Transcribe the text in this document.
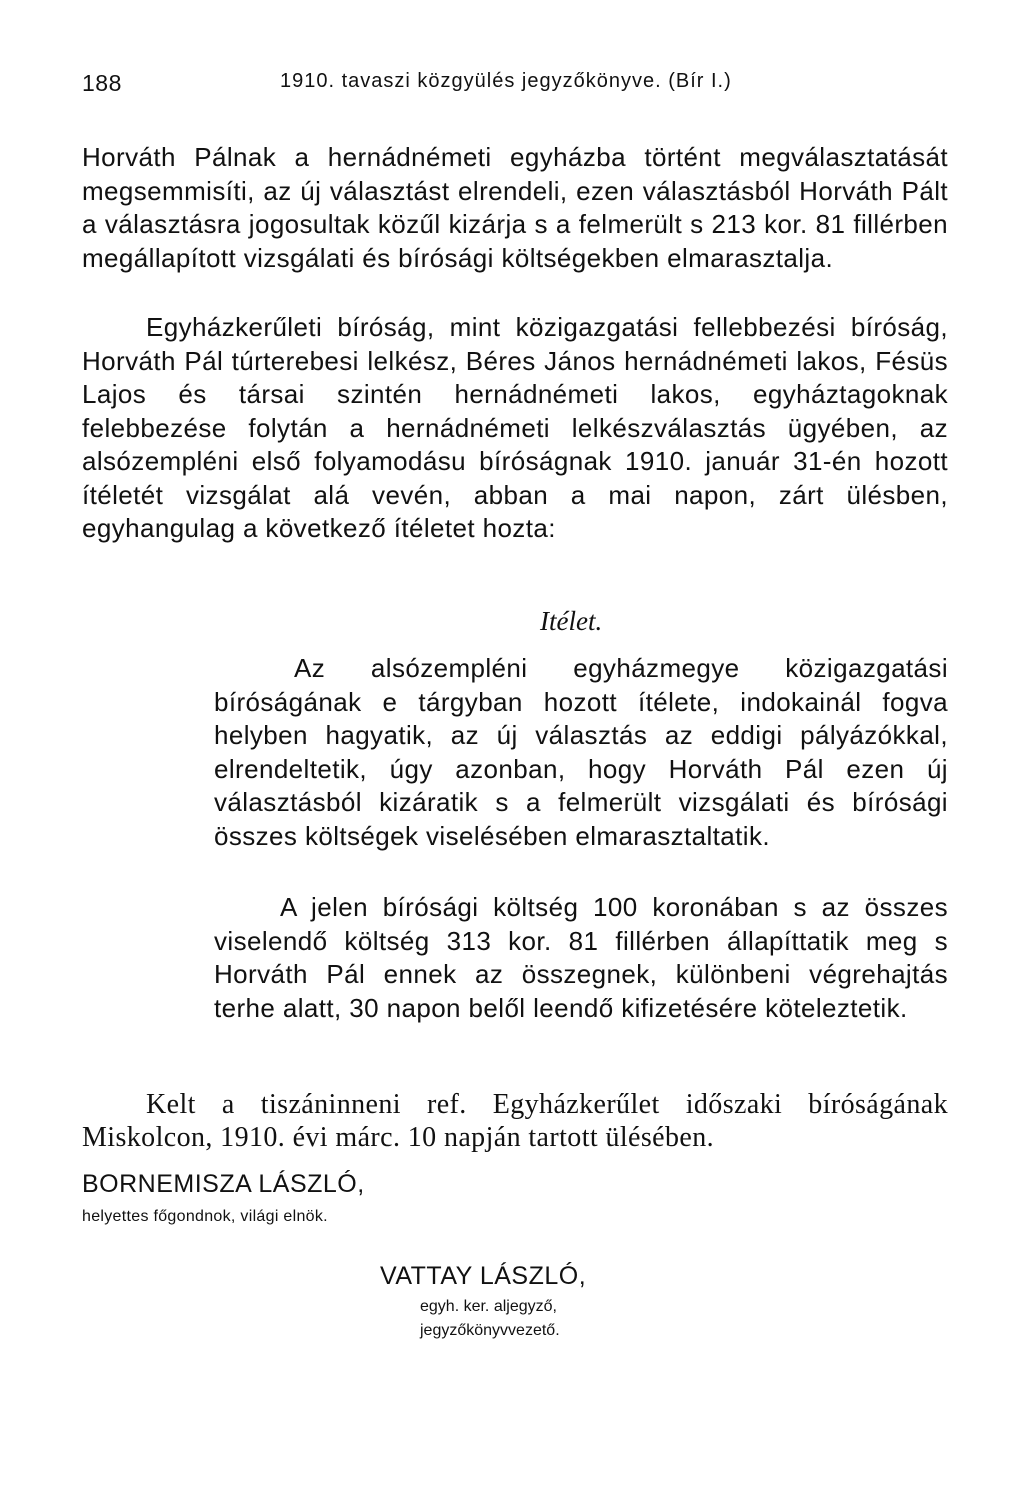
188	1910. tavaszi közgyülés jegyzőkönyve. (Bír I.)

Horváth Pálnak a hernádnémeti egyházba történt megválasztatását megsemmisíti, az új választást elrendeli, ezen választásból Horváth Pált a választásra jogosultak közűl kizárja s a felmerült s 213 kor. 81 fillérben megállapított vizsgálati és bírósági költségekben elmarasztalja.

Egyházkerűleti bíróság, mint közigazgatási fellebbezési bíróság, Horváth Pál túrterebesi lelkész, Béres János hernádnémeti lakos, Fésüs Lajos és társai szintén hernádnémeti lakos, egyháztagoknak felebbezése folytán a hernádnémeti lelkészválasztás ügyében, az alsózempléni első folyamodásu bíróságnak 1910. január 31-én hozott ítéletét vizsgálat alá vevén, abban a mai napon, zárt ülésben, egyhangulag a következő ítéletet hozta:

Itélet.

Az alsózempléni egyházmegye közigazgatási bíróságának e tárgyban hozott ítélete, indokainál fogva helyben hagyatik, az új választás az eddigi pályázókkal, elrendeltetik, úgy azonban, hogy Horváth Pál ezen új választásból kizáratik s a felmerült vizsgálati és bírósági összes költségek viselésében elmarasztaltatik.

A jelen bírósági költség 100 koronában s az összes viselendő költség 313 kor. 81 fillérben állapíttatik meg s Horváth Pál ennek az összegnek, különbeni végrehajtás terhe alatt, 30 napon belől leendő kifizetésére köteleztetik.

Kelt a tiszáninneni ref. Egyházkerűlet időszaki bíróságának Miskolcon, 1910. évi márc. 10 napján tartott ülésében.

BORNEMISZA LÁSZLÓ,
helyettes főgondnok, világi elnök.
VATTAY LÁSZLÓ,
egyh. ker. aljegyző,
jegyzőkönyvvezető.
